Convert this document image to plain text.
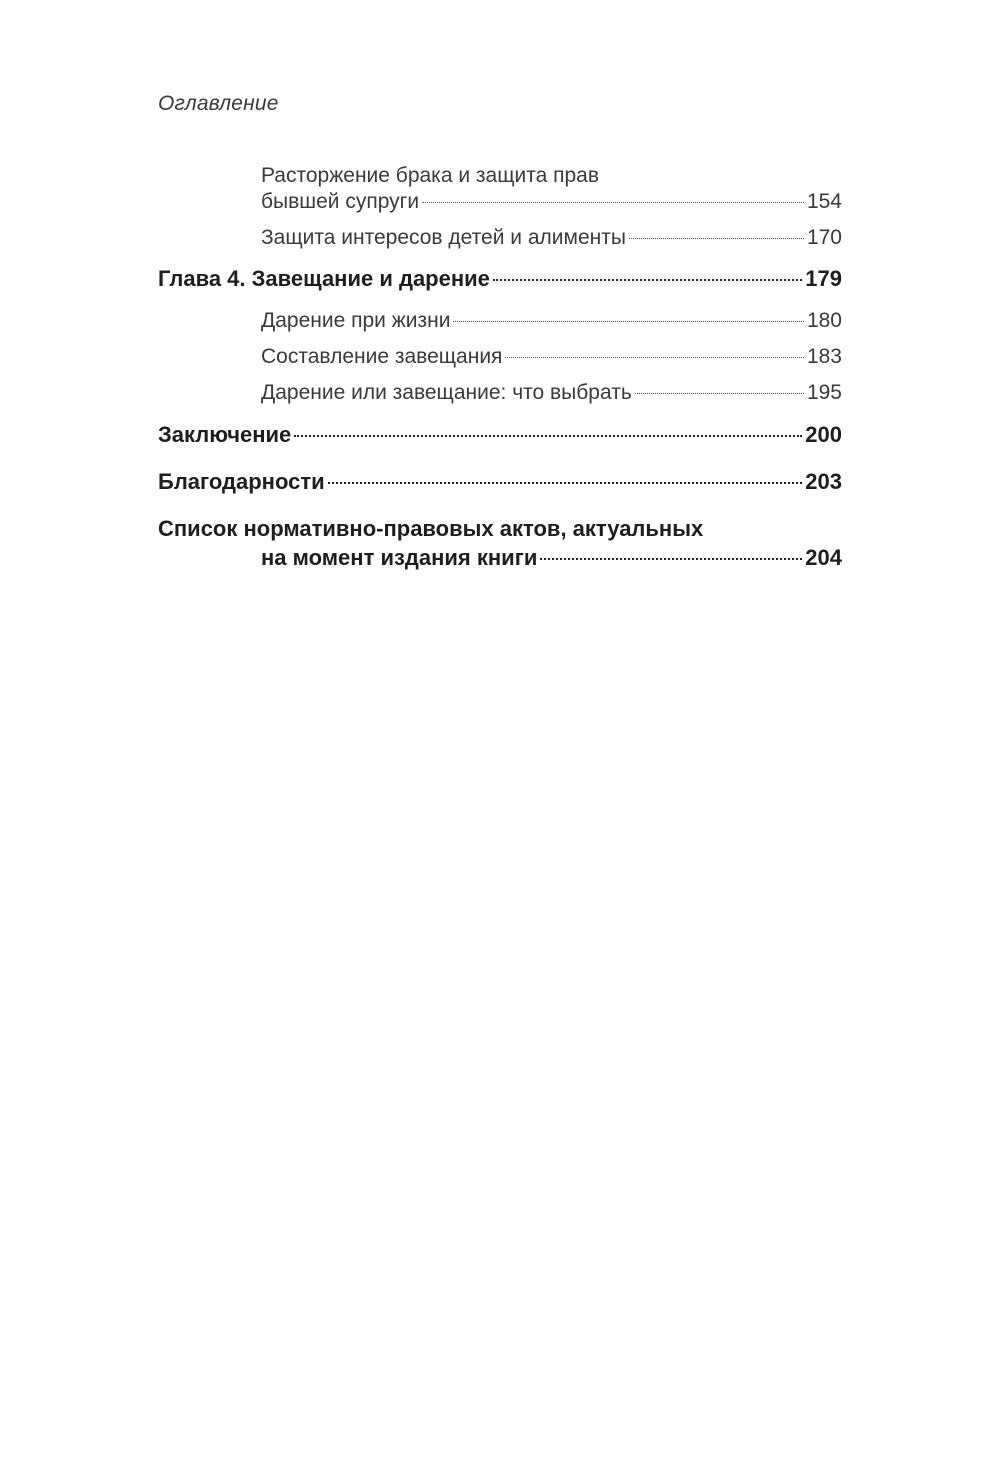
Оглавление
Расторжение брака и защита прав
бывшей супруги	154
Защита интересов детей и алименты	170
Глава 4. Завещание и дарение	179
Дарение при жизни	180
Составление завещания	183
Дарение или завещание: что выбрать	195
Заключение	200
Благодарности	203
Список нормативно-правовых актов, актуальных
на момент издания книги	204
